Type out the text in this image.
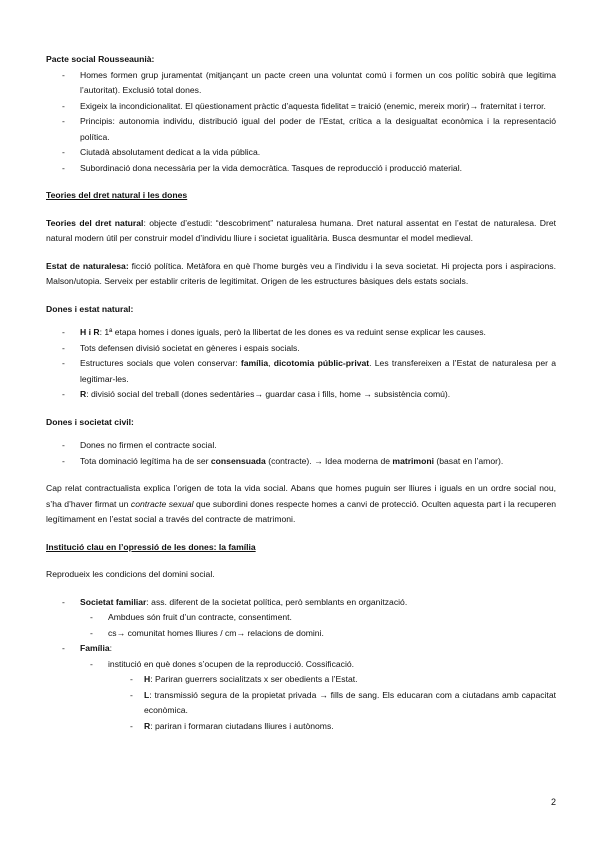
Pacte social Rousseaunià:

- Homes formen grup juramentat (mitjançant un pacte creen una voluntat comú i formen un cos polític sobirà que legitima l’autoritat). Exclusió total dones.
- Exigeix la incondicionalitat. El qüestionament pràctic d’aquesta fidelitat = traició (enemic, mereix morir)→ fraternitat i terror.
- Principis: autonomia individu, distribució igual del poder de l’Estat, crítica a la desigualtat econòmica i la representació política.
- Ciutadà absolutament dedicat a la vida pública.
- Subordinació dona necessària per la vida democràtica. Tasques de reproducció i producció material.

Teories del dret natural i les dones

Teories del dret natural: objecte d’estudi: “descobriment” naturalesa humana. Dret natural assentat en l’estat de naturalesa. Dret natural modern útil per construir model d’individu lliure i societat igualitària. Busca desmuntar el model medieval.

Estat de naturalesa: ficció política. Metàfora en què l’home burgès veu a l’individu i la seva societat. Hi projecta pors i aspiracions. Malson/utopia. Serveix per establir criteris de legitimitat. Origen de les estructures bàsiques dels estats socials.

Dones i estat natural:

- H i R: 1ª etapa homes i dones iguals, però la llibertat de les dones es va reduint sense explicar les causes.
- Tots defensen divisió societat en gèneres i espais socials.
- Estructures socials que volen conservar: família, dicotomia públic-privat. Les transfereixen a l’Estat de naturalesa per a legitimar-les.
- R: divisió social del treball (dones sedentàries→ guardar casa i fills, home → subsistència comú).

Dones i societat civil:

- Dones no firmen el contracte social.
- Tota dominació legítima ha de ser consensuada (contracte). → Idea moderna de matrimoni (basat en l’amor).

Cap relat contractualista explica l’origen de tota la vida social. Abans que homes puguin ser lliures i iguals en un ordre social nou, s’ha d’haver firmat un contracte sexual que subordini dones respecte homes a canvi de protecció. Oculten aquesta part i la recuperen legítimament en l’estat social a través del contracte de matrimoni.

Institució clau en l’opressió de les dones: la família

Reprodueix les condicions del domini social.

- Societat familiar: ass. diferent de la societat política, però semblants en organització.
- Ambdues són fruit d’un contracte, consentiment.
- cs→ comunitat homes lliures / cm→ relacions de domini.
- Família:
- institució en què dones s’ocupen de la reproducció. Cossificació.
- H: Pariran guerrers socialitzats x ser obedients a l’Estat.
- L: transmissió segura de la propietat privada → fills de sang. Els educaran com a ciutadans amb capacitat econòmica.
- R: pariran i formaran ciutadans lliures i autònoms.
2
